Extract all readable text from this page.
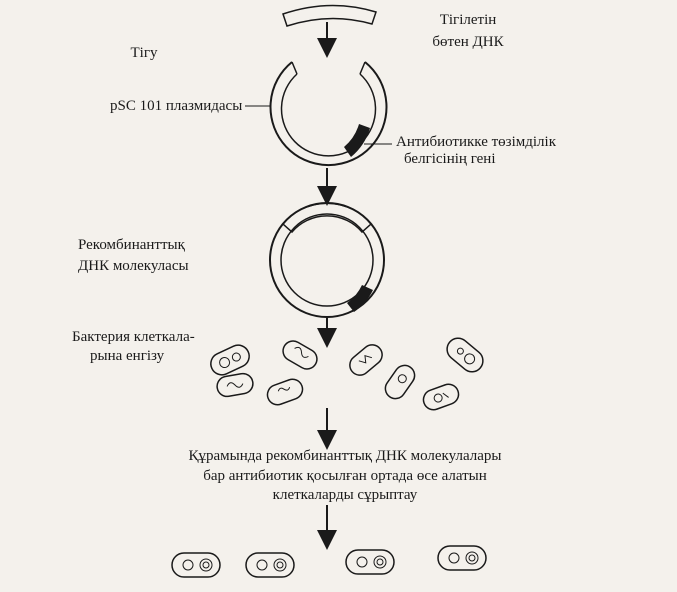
Тігілетін
бөтен ДНК
Тігу
pSC 101 плазмидасы
Антибиотикке төзімділік
белгісінің гені
Рекомбинанттық
ДНК молекуласы
Бактерия клеткала-
рына енгізу
Құрамында рекомбинанттық ДНК молекулалары
бар антибиотик қосылған ортада өсе алатын
клеткаларды сұрыптау
